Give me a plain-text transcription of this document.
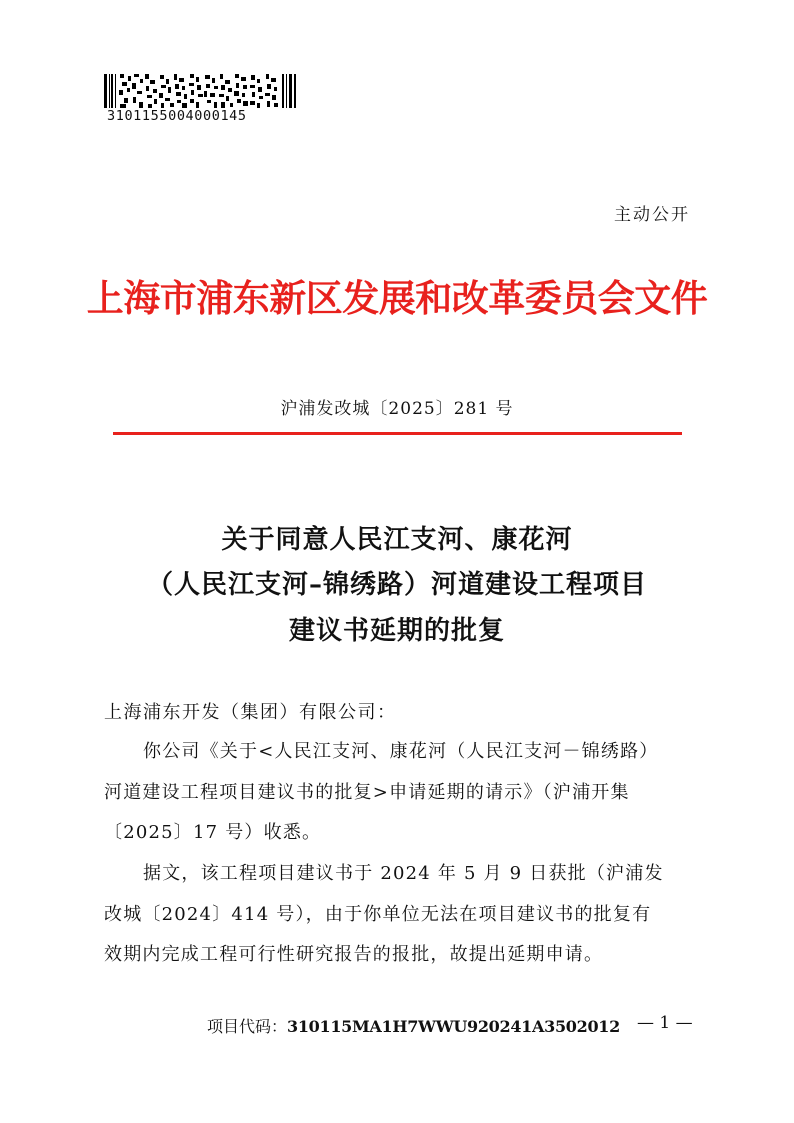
3101155004000145
主动公开
上海市浦东新区发展和改革委员会文件
沪浦发改城〔2025〕281 号
关于同意人民江支河、康花河
（人民江支河–锦绣路）河道建设工程项目
建议书延期的批复
上海浦东开发（集团）有限公司：
你公司《关于<人民江支河、康花河（人民江支河－锦绣路）
河道建设工程项目建议书的批复>申请延期的请示》（沪浦开集
〔2025〕17 号）收悉。
据文，该工程项目建议书于 2024 年 5 月 9 日获批（沪浦发
改城〔2024〕414 号），由于你单位无法在项目建议书的批复有
效期内完成工程可行性研究报告的报批，故提出延期申请。
项目代码：310115MA1H7WWU920241A3502012 — 1 —
